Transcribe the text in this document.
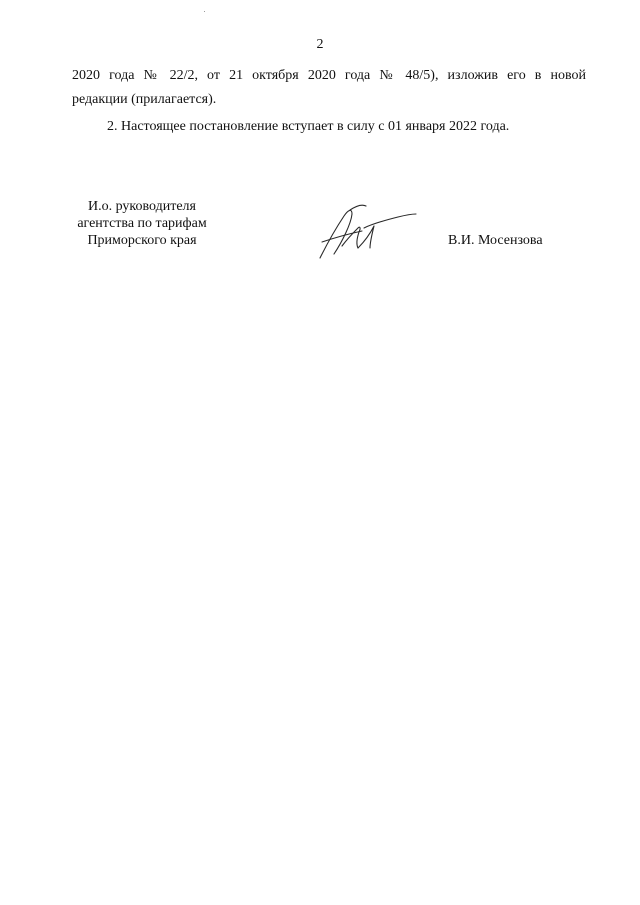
2
2020 года № 22/2, от 21 октября 2020 года № 48/5), изложив его в новой
редакции (прилагается).
2. Настоящее постановление вступает в силу с 01 января 2022 года.
И.о. руководителя
агентства по тарифам
Приморского края	В.И. Мосензова
